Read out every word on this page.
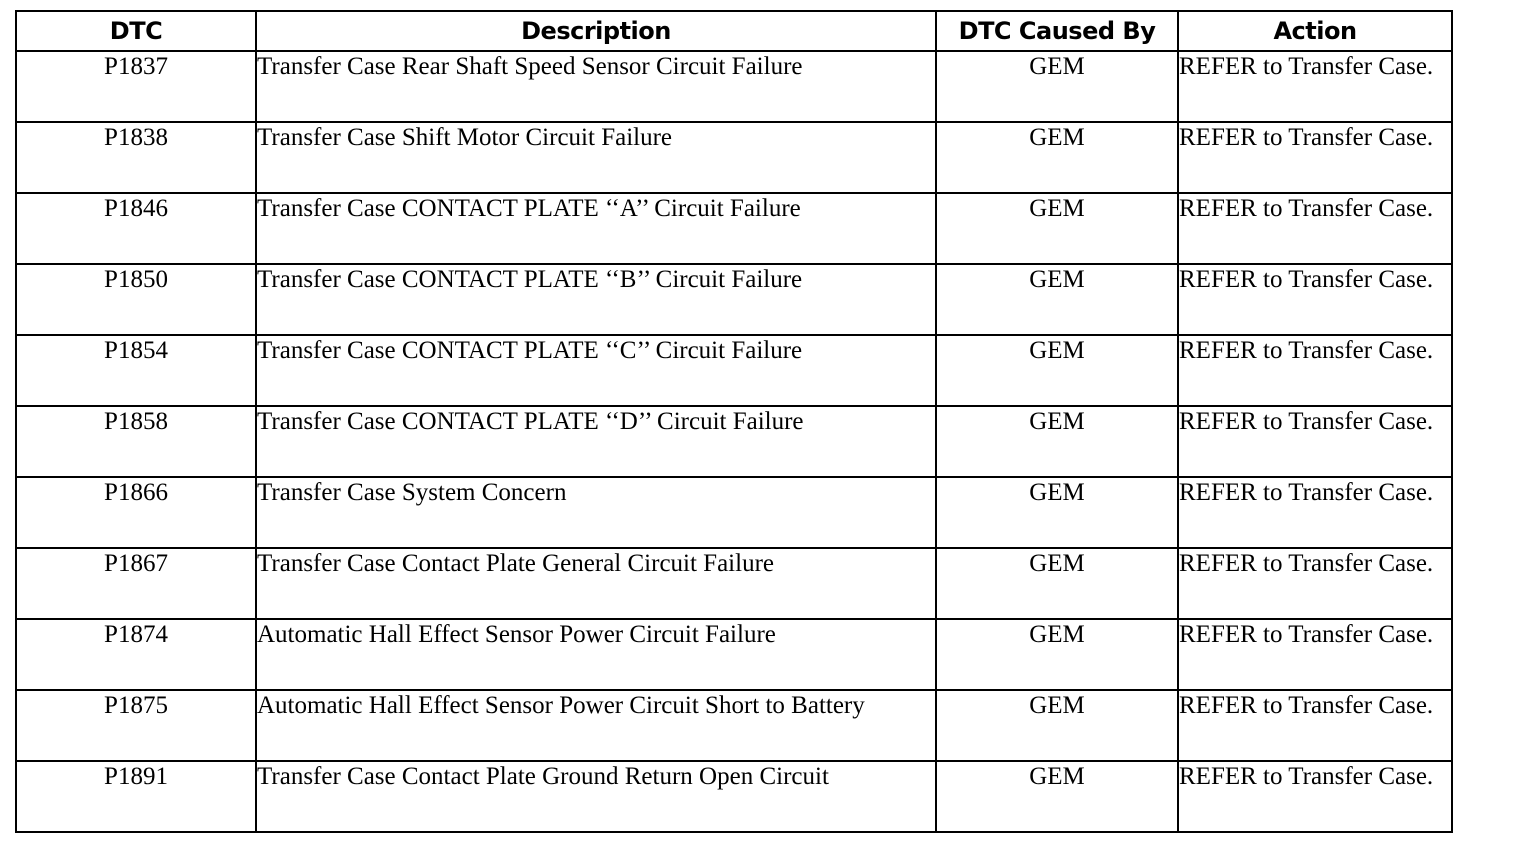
DTC	Description	DTC Caused By	Action
P1837	Transfer Case Rear Shaft Speed Sensor Circuit Failure	GEM	REFER to Transfer Case.

P1838	Transfer Case Shift Motor Circuit Failure	GEM	REFER to Transfer Case.

P1846	Transfer Case CONTACT PLATE ‘‘A’’ Circuit Failure	GEM	REFER to Transfer Case.

P1850	Transfer Case CONTACT PLATE ‘‘B’’ Circuit Failure	GEM	REFER to Transfer Case.

P1854	Transfer Case CONTACT PLATE ‘‘C’’ Circuit Failure	GEM	REFER to Transfer Case.

P1858	Transfer Case CONTACT PLATE ‘‘D’’ Circuit Failure	GEM	REFER to Transfer Case.

P1866	Transfer Case System Concern	GEM	REFER to Transfer Case.

P1867	Transfer Case Contact Plate General Circuit Failure	GEM	REFER to Transfer Case.

P1874	Automatic Hall Effect Sensor Power Circuit Failure	GEM	REFER to Transfer Case.

P1875	Automatic Hall Effect Sensor Power Circuit Short to Battery	GEM	REFER to Transfer Case.

P1891	Transfer Case Contact Plate Ground Return Open Circuit	GEM	REFER to Transfer Case.
